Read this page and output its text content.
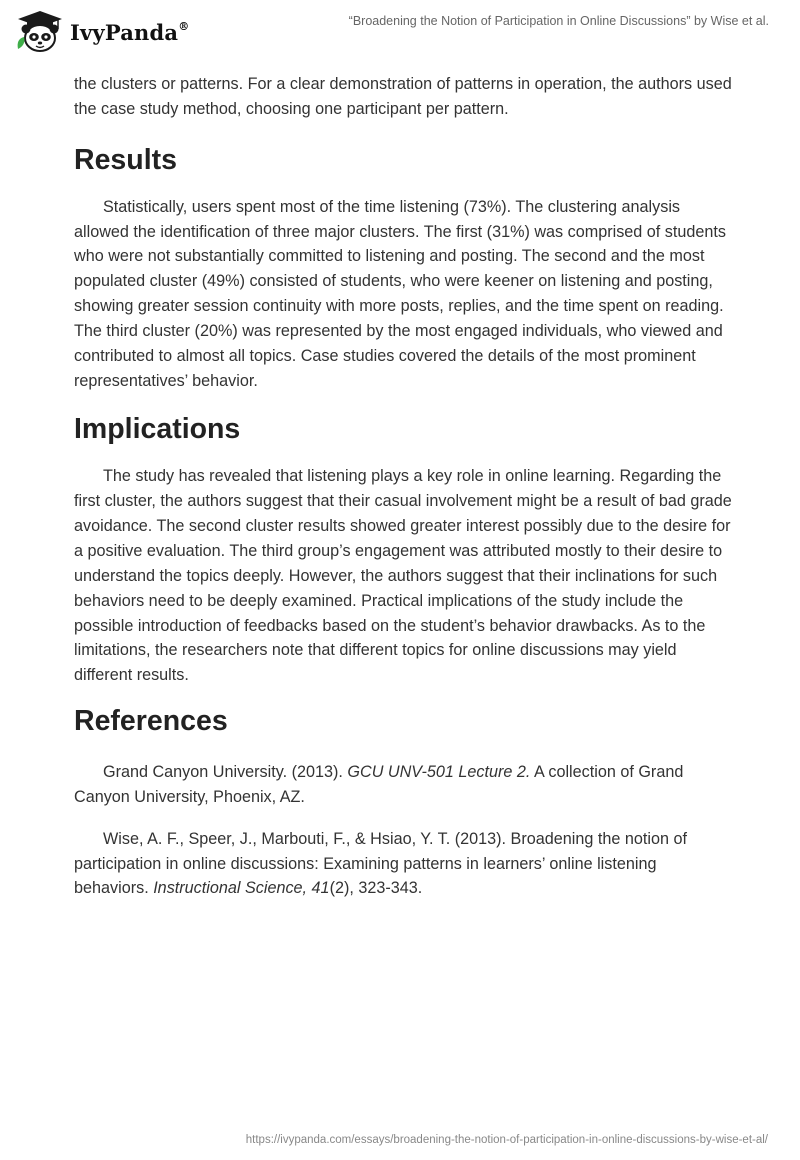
IvyPanda®	“Broadening the Notion of Participation in Online Discussions” by Wise et al.

the clusters or patterns. For a clear demonstration of patterns in operation, the authors used the case study method, choosing one participant per pattern.

Results

Statistically, users spent most of the time listening (73%). The clustering analysis allowed the identification of three major clusters. The first (31%) was comprised of students who were not substantially committed to listening and posting. The second and the most populated cluster (49%) consisted of students, who were keener on listening and posting, showing greater session continuity with more posts, replies, and the time spent on reading. The third cluster (20%) was represented by the most engaged individuals, who viewed and contributed to almost all topics. Case studies covered the details of the most prominent representatives’ behavior.

Implications

The study has revealed that listening plays a key role in online learning. Regarding the first cluster, the authors suggest that their casual involvement might be a result of bad grade avoidance. The second cluster results showed greater interest possibly due to the desire for a positive evaluation. The third group’s engagement was attributed mostly to their desire to understand the topics deeply. However, the authors suggest that their inclinations for such behaviors need to be deeply examined. Practical implications of the study include the possible introduction of feedbacks based on the student’s behavior drawbacks. As to the limitations, the researchers note that different topics for online discussions may yield different results.

References

Grand Canyon University. (2013). GCU UNV-501 Lecture 2. A collection of Grand Canyon University, Phoenix, AZ.

Wise, A. F., Speer, J., Marbouti, F., & Hsiao, Y. T. (2013). Broadening the notion of participation in online discussions: Examining patterns in learners’ online listening behaviors. Instructional Science, 41(2), 323-343.

https://ivypanda.com/essays/broadening-the-notion-of-participation-in-online-discussions-by-wise-et-al/
